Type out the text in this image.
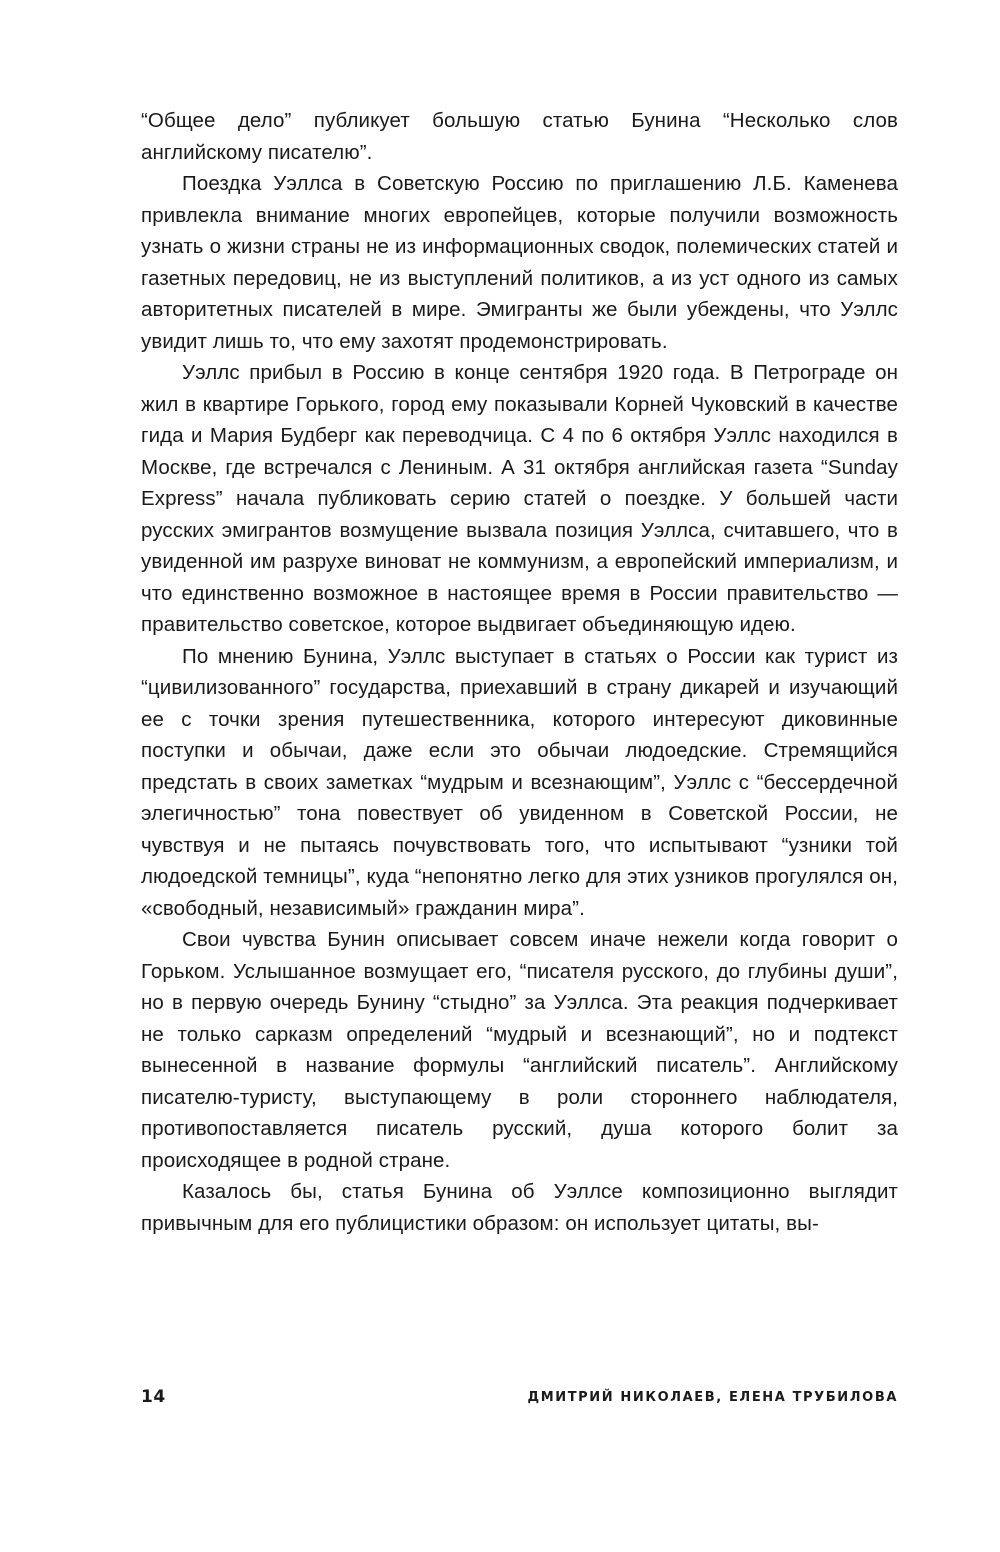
“Общее дело” публикует большую статью Бунина “Несколько слов английскому писателю”.

Поездка Уэллса в Советскую Россию по приглашению Л.Б. Каменева привлекла внимание многих европейцев, которые получили возможность узнать о жизни страны не из информационных сводок, полемических статей и газетных передовиц, не из выступлений политиков, а из уст одного из самых авторитетных писателей в мире. Эмигранты же были убеждены, что Уэллс увидит лишь то, что ему захотят продемонстрировать.

Уэллс прибыл в Россию в конце сентября 1920 года. В Петрограде он жил в квартире Горького, город ему показывали Корней Чуковский в качестве гида и Мария Будберг как переводчица. С 4 по 6 октября Уэллс находился в Москве, где встречался с Лениным. А 31 октября английская газета “Sunday Express” начала публиковать серию статей о поездке. У большей части русских эмигрантов возмущение вызвала позиция Уэллса, считавшего, что в увиденной им разрухе виноват не коммунизм, а европейский империализм, и что единственно возможное в настоящее время в России правительство — правительство советское, которое выдвигает объединяющую идею.

По мнению Бунина, Уэллс выступает в статьях о России как турист из “цивилизованного” государства, приехавший в страну дикарей и изучающий ее с точки зрения путешественника, которого интересуют диковинные поступки и обычаи, даже если это обычаи людоедские. Стремящийся предстать в своих заметках “мудрым и всезнающим”, Уэллс с “бессердечной элегичностью” тона повествует об увиденном в Советской России, не чувствуя и не пытаясь почувствовать того, что испытывают “узники той людоедской темницы”, куда “непонятно легко для этих узников прогулялся он, «свободный, независимый» гражданин мира”.

Свои чувства Бунин описывает совсем иначе нежели когда говорит о Горьком. Услышанное возмущает его, “писателя русского, до глубины души”, но в первую очередь Бунину “стыдно” за Уэллса. Эта реакция подчеркивает не только сарказм определений “мудрый и всезнающий”, но и подтекст вынесенной в название формулы “английский писатель”. Английскому писателю-туристу, выступающему в роли стороннего наблюдателя, противопоставляется писатель русский, душа которого болит за происходящее в родной стране.

Казалось бы, статья Бунина об Уэллсе композиционно выглядит привычным для его публицистики образом: он использует цитаты, вы-

14	ДМИТРИЙ НИКОЛАЕВ, ЕЛЕНА ТРУБИЛОВА
